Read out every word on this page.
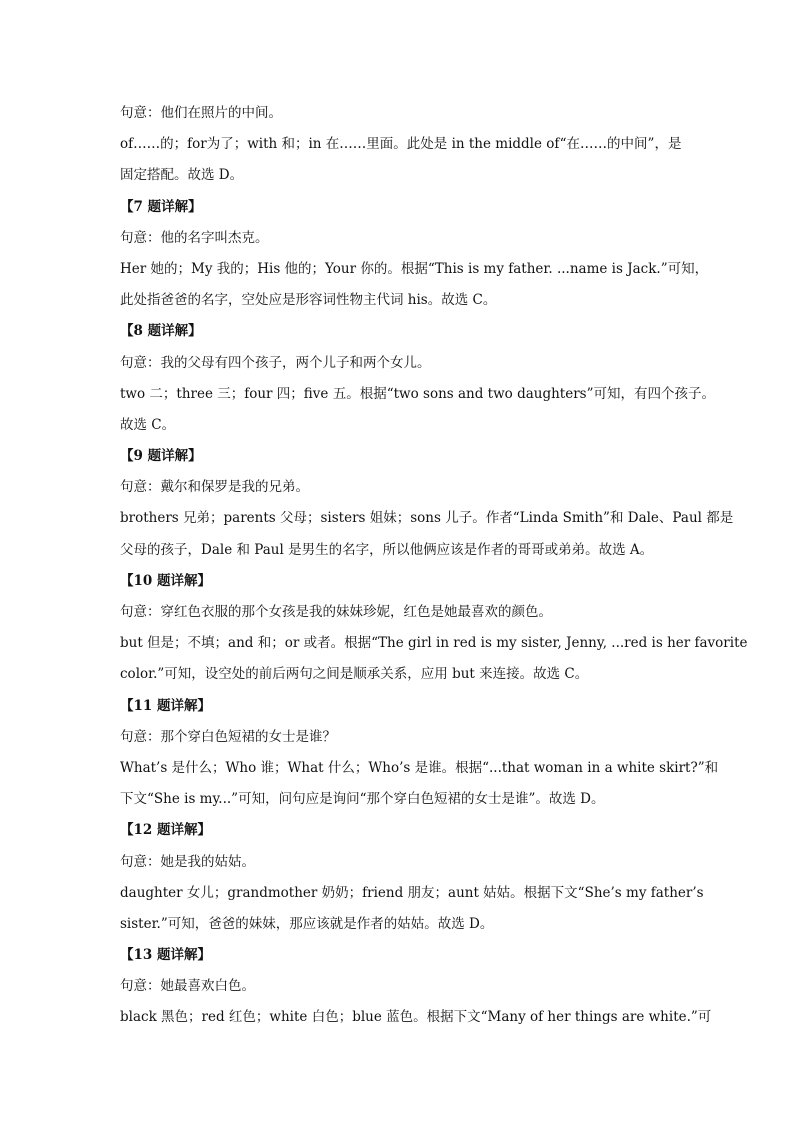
句意：他们在照片的中间。
of……的；for为了；with 和；in 在……里面。此处是 in the middle of“在……的中间”，是
固定搭配。故选 D。
【7 题详解】
句意：他的名字叫杰克。
Her 她的；My 我的；His 他的；Your 你的。根据“This is my father. ...name is Jack.”可知，
此处指爸爸的名字，空处应是形容词性物主代词 his。故选 C。
【8 题详解】
句意：我的父母有四个孩子，两个儿子和两个女儿。
two 二；three 三；four 四；five 五。根据“two sons and two daughters”可知，有四个孩子。
故选 C。
【9 题详解】
句意：戴尔和保罗是我的兄弟。
brothers 兄弟；parents 父母；sisters 姐妹；sons 儿子。作者“Linda Smith”和 Dale、Paul 都是
父母的孩子，Dale 和 Paul 是男生的名字，所以他俩应该是作者的哥哥或弟弟。故选 A。
【10 题详解】
句意：穿红色衣服的那个女孩是我的妹妹珍妮，红色是她最喜欢的颜色。
but 但是；不填；and 和；or 或者。根据“The girl in red is my sister, Jenny, ...red is her favorite
color.”可知，设空处的前后两句之间是顺承关系，应用 but 来连接。故选 C。
【11 题详解】
句意：那个穿白色短裙的女士是谁？
What’s 是什么；Who 谁；What 什么；Who’s 是谁。根据“...that woman in a white skirt?”和
下文“She is my...”可知，问句应是询问“那个穿白色短裙的女士是谁”。故选 D。
【12 题详解】
句意：她是我的姑姑。
daughter 女儿；grandmother 奶奶；friend 朋友；aunt 姑姑。根据下文“She’s my father’s
sister.”可知，爸爸的妹妹，那应该就是作者的姑姑。故选 D。
【13 题详解】
句意：她最喜欢白色。
black 黑色；red 红色；white 白色；blue 蓝色。根据下文“Many of her things are white.”可
